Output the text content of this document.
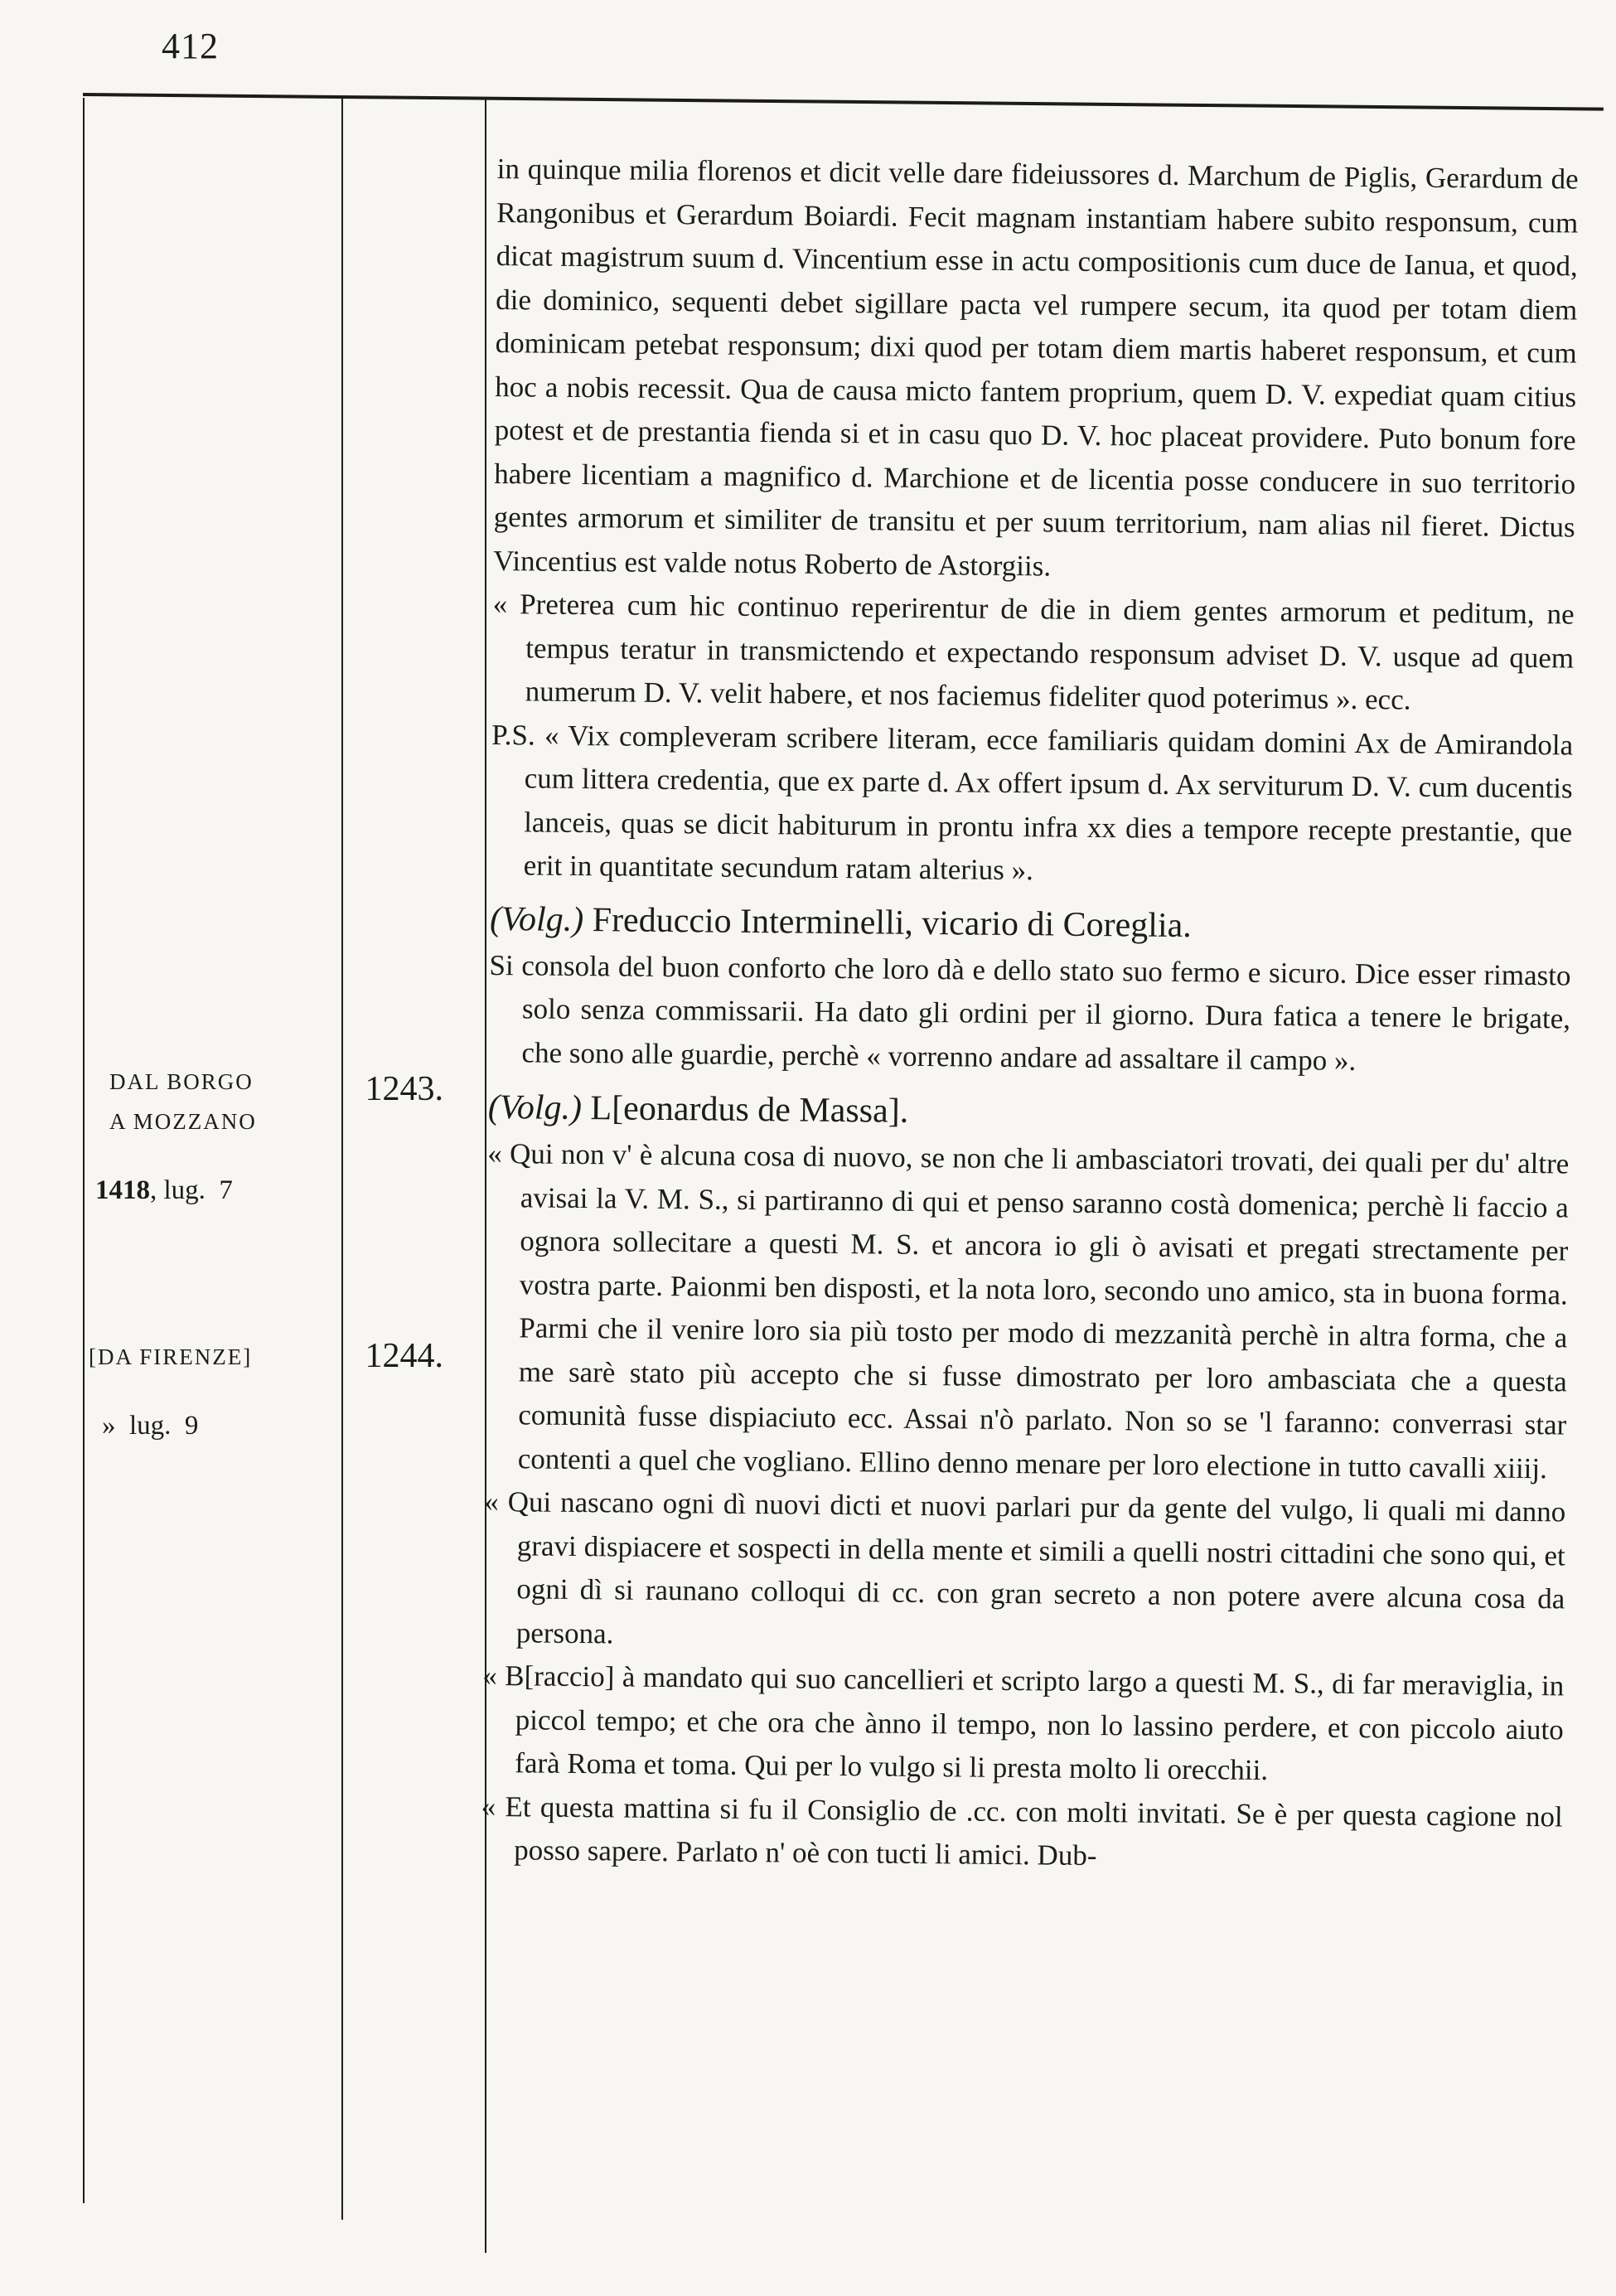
412
DAL BORGO
A MOZZANO
1418, lug.  7
1243.
[DA FIRENZE]
»  lug.  9
1244.

in quinque milia florenos et dicit velle dare fideiussores d. Marchum de Piglis, Gerardum de Rangonibus et Gerardum Boiardi. Fecit magnam instantiam habere subito responsum, cum dicat magistrum suum d. Vincentium esse in actu compositionis cum duce de Ianua, et quod, die dominico, sequenti debet sigillare pacta vel rumpere secum, ita quod per totam diem dominicam petebat responsum; dixi quod per totam diem martis haberet responsum, et cum hoc a nobis recessit. Qua de causa micto fantem proprium, quem D. V. expediat quam citius potest et de prestantia fienda si et in casu quo D. V. hoc placeat providere. Puto bonum fore habere licentiam a magnifico d. Marchione et de licentia posse conducere in suo territorio gentes armorum et similiter de transitu et per suum territorium, nam alias nil fieret. Dictus Vincentius est valde notus Roberto de Astorgiis.

« Preterea cum hic continuo reperirentur de die in diem gentes armorum et peditum, ne tempus teratur in transmictendo et expectando responsum adviset D. V. usque ad quem numerum D. V. velit habere, et nos faciemus fideliter quod poterimus ». ecc.

P.S. « Vix compleveram scribere literam, ecce familiaris quidam domini Ax de Amirandola cum littera credentia, que ex parte d. Ax offert ipsum d. Ax serviturum D. V. cum ducentis lanceis, quas se dicit habiturum in prontu infra xx dies a tempore recepte prestantie, que erit in quantitate secundum ratam alterius ».

(Volg.) Freduccio Interminelli, vicario di Coreglia.

Si consola del buon conforto che loro dà e dello stato suo fermo e sicuro. Dice esser rimasto solo senza commissarii. Ha dato gli ordini per il giorno. Dura fatica a tenere le brigate, che sono alle guardie, perchè « vorrenno andare ad assaltare il campo ».

(Volg.) L[eonardus de Massa].

« Qui non v' è alcuna cosa di nuovo, se non che li ambasciatori trovati, dei quali per du' altre avisai la V. M. S., si partiranno di qui et penso saranno costà domenica; perchè li faccio a ognora sollecitare a questi M. S. et ancora io gli ò avisati et pregati strectamente per vostra parte. Paionmi ben disposti, et la nota loro, secondo uno amico, sta in buona forma. Parmi che il venire loro sia più tosto per modo di mezzanità perchè in altra forma, che a me sarè stato più accepto che si fusse dimostrato per loro ambasciata che a questa comunità fusse dispiaciuto ecc. Assai n'ò parlato. Non so se 'l faranno: converrasi star contenti a quel che vogliano. Ellino denno menare per loro electione in tutto cavalli xiiij.

« Qui nascano ogni dì nuovi dicti et nuovi parlari pur da gente del vulgo, li quali mi danno gravi dispiacere et sospecti in della mente et simili a quelli nostri cittadini che sono qui, et ogni dì si raunano colloqui di cc. con gran secreto a non potere avere alcuna cosa da persona.

« B[raccio] à mandato qui suo cancellieri et scripto largo a questi M. S., di far meraviglia, in piccol tempo; et che ora che ànno il tempo, non lo lassino perdere, et con piccolo aiuto farà Roma et toma. Qui per lo vulgo si li presta molto li orecchii.

« Et questa mattina si fu il Consiglio de .cc. con molti invitati. Se è per questa cagione nol posso sapere. Parlato n' oè con tucti li amici. Dub-
